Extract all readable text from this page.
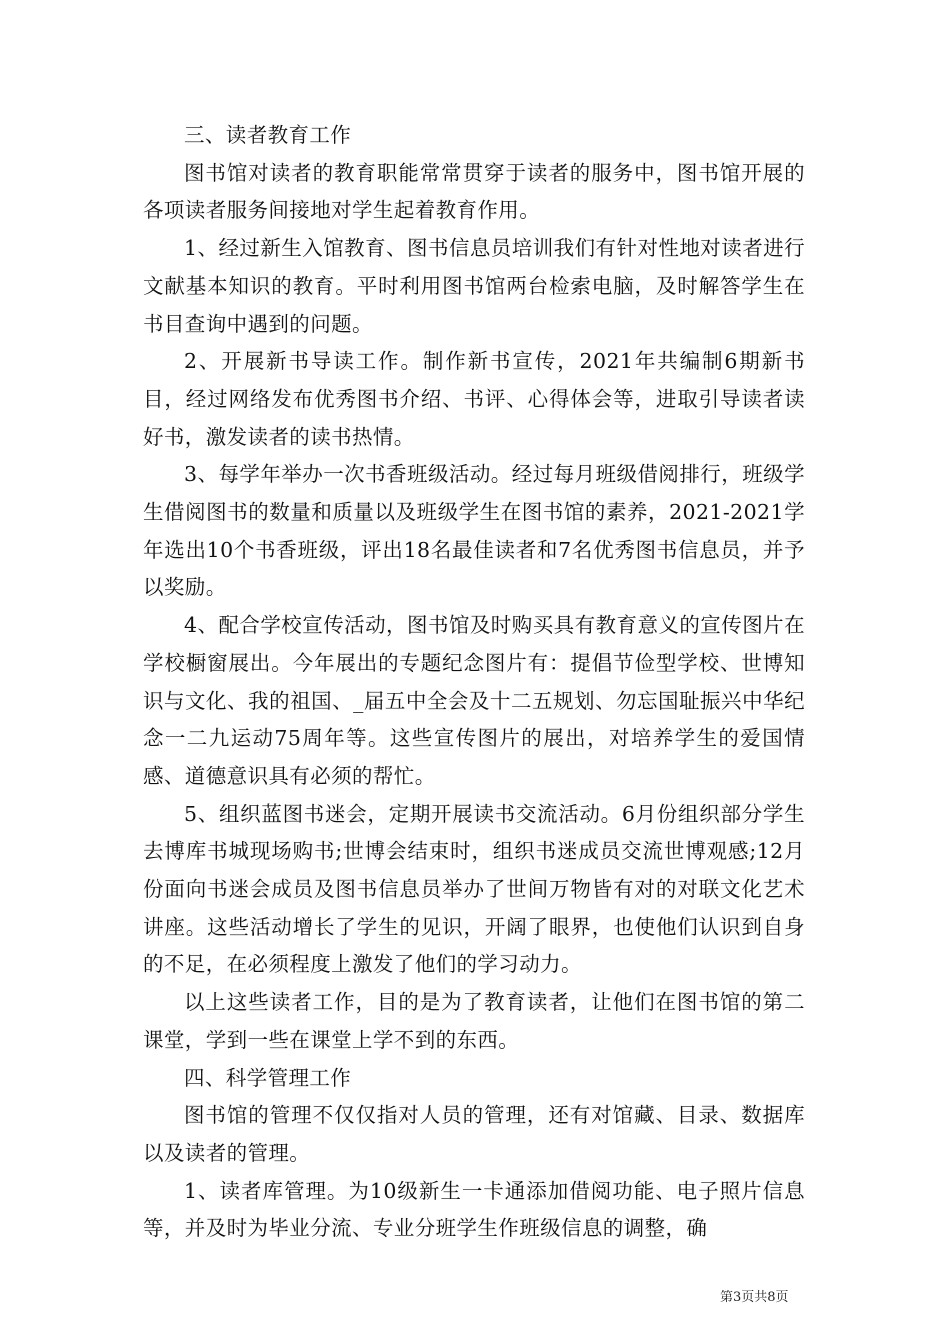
三、读者教育工作

图书馆对读者的教育职能常常贯穿于读者的服务中，图书馆开展的各项读者服务间接地对学生起着教育作用。

1、经过新生入馆教育、图书信息员培训我们有针对性地对读者进行文献基本知识的教育。平时利用图书馆两台检索电脑，及时解答学生在书目查询中遇到的问题。

2、开展新书导读工作。制作新书宣传，2021年共编制6期新书目，经过网络发布优秀图书介绍、书评、心得体会等，进取引导读者读好书，激发读者的读书热情。

3、每学年举办一次书香班级活动。经过每月班级借阅排行，班级学生借阅图书的数量和质量以及班级学生在图书馆的素养，2021-2021学年选出10个书香班级，评出18名最佳读者和7名优秀图书信息员，并予以奖励。

4、配合学校宣传活动，图书馆及时购买具有教育意义的宣传图片在学校橱窗展出。今年展出的专题纪念图片有：提倡节俭型学校、世博知识与文化、我的祖国、_届五中全会及十二五规划、勿忘国耻振兴中华纪念一二九运动75周年等。这些宣传图片的展出，对培养学生的爱国情感、道德意识具有必须的帮忙。

5、组织蓝图书迷会，定期开展读书交流活动。6月份组织部分学生去博库书城现场购书;世博会结束时，组织书迷成员交流世博观感;12月份面向书迷会成员及图书信息员举办了世间万物皆有对的对联文化艺术讲座。这些活动增长了学生的见识，开阔了眼界，也使他们认识到自身的不足，在必须程度上激发了他们的学习动力。

以上这些读者工作，目的是为了教育读者，让他们在图书馆的第二课堂，学到一些在课堂上学不到的东西。

四、科学管理工作

图书馆的管理不仅仅指对人员的管理，还有对馆藏、目录、数据库以及读者的管理。

1、读者库管理。为10级新生一卡通添加借阅功能、电子照片信息等，并及时为毕业分流、专业分班学生作班级信息的调整，确

第3页共8页
